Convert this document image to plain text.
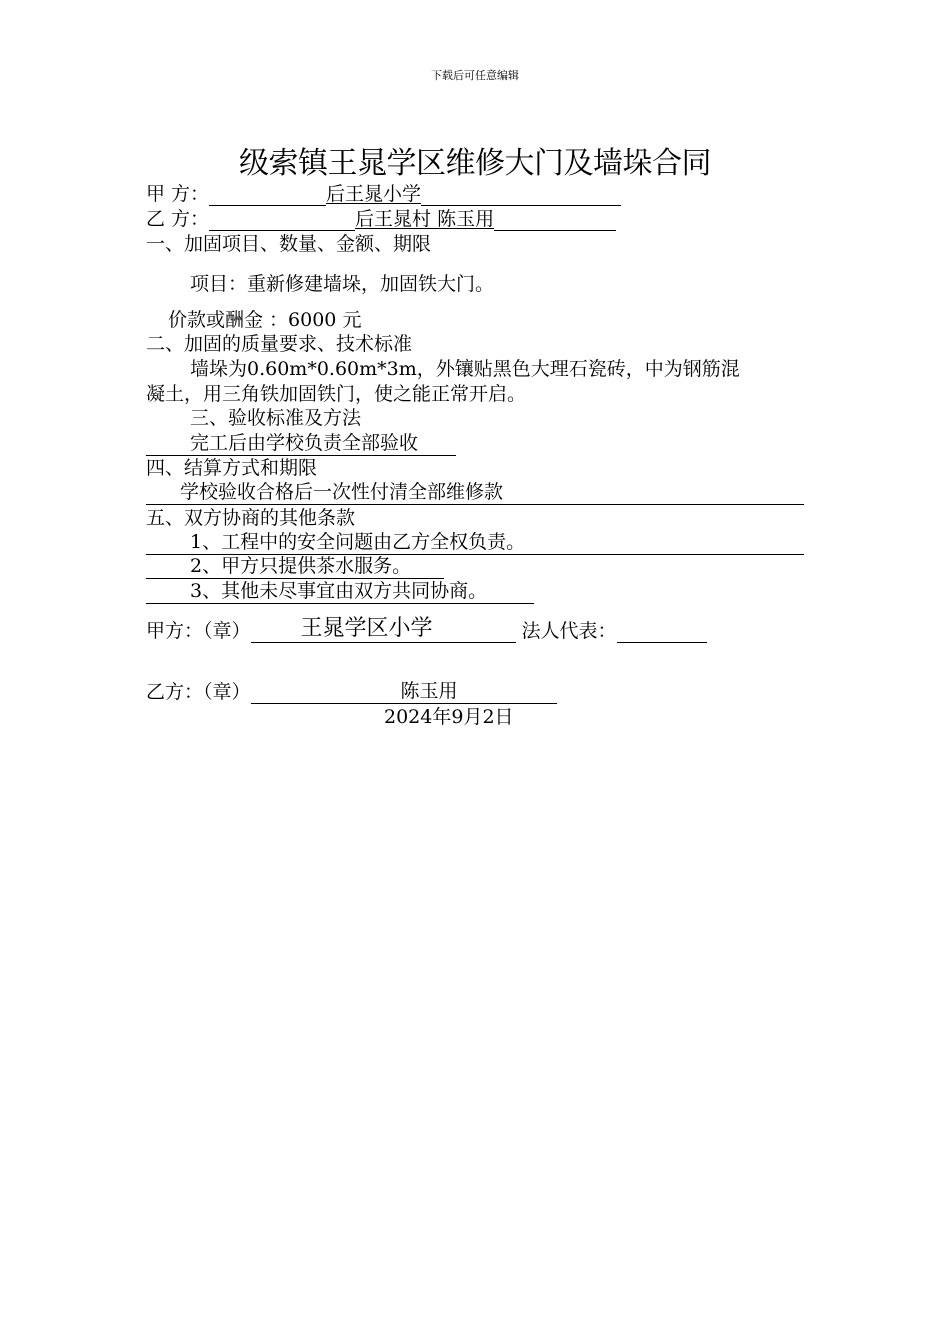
下载后可任意编辑
级索镇王晁学区维修大门及墙垛合同
甲 方：	后王晁小学
乙 方：	后王晁村 陈玉用
一、加固项目、数量、金额、期限
项目：重新修建墙垛，加固铁大门。
价款或酬金 ：6000 元
二、加固的质量要求、技术标准
墙垛为0.60m*0.60m*3m，外镶贴黑色大理石瓷砖，中为钢筋混
凝土，用三角铁加固铁门，使之能正常开启。
三、验收标准及方法
完工后由学校负责全部验收
四、结算方式和期限
学校验收合格后一次性付清全部维修款
五、双方协商的其他条款
1、工程中的安全问题由乙方全权负责。
2、甲方只提供茶水服务。
3、其他未尽事宜由双方共同协商。
甲方：（章） 王晁学区小学	法人代表：
乙方：（章）	陈玉用
2024年9月2日
